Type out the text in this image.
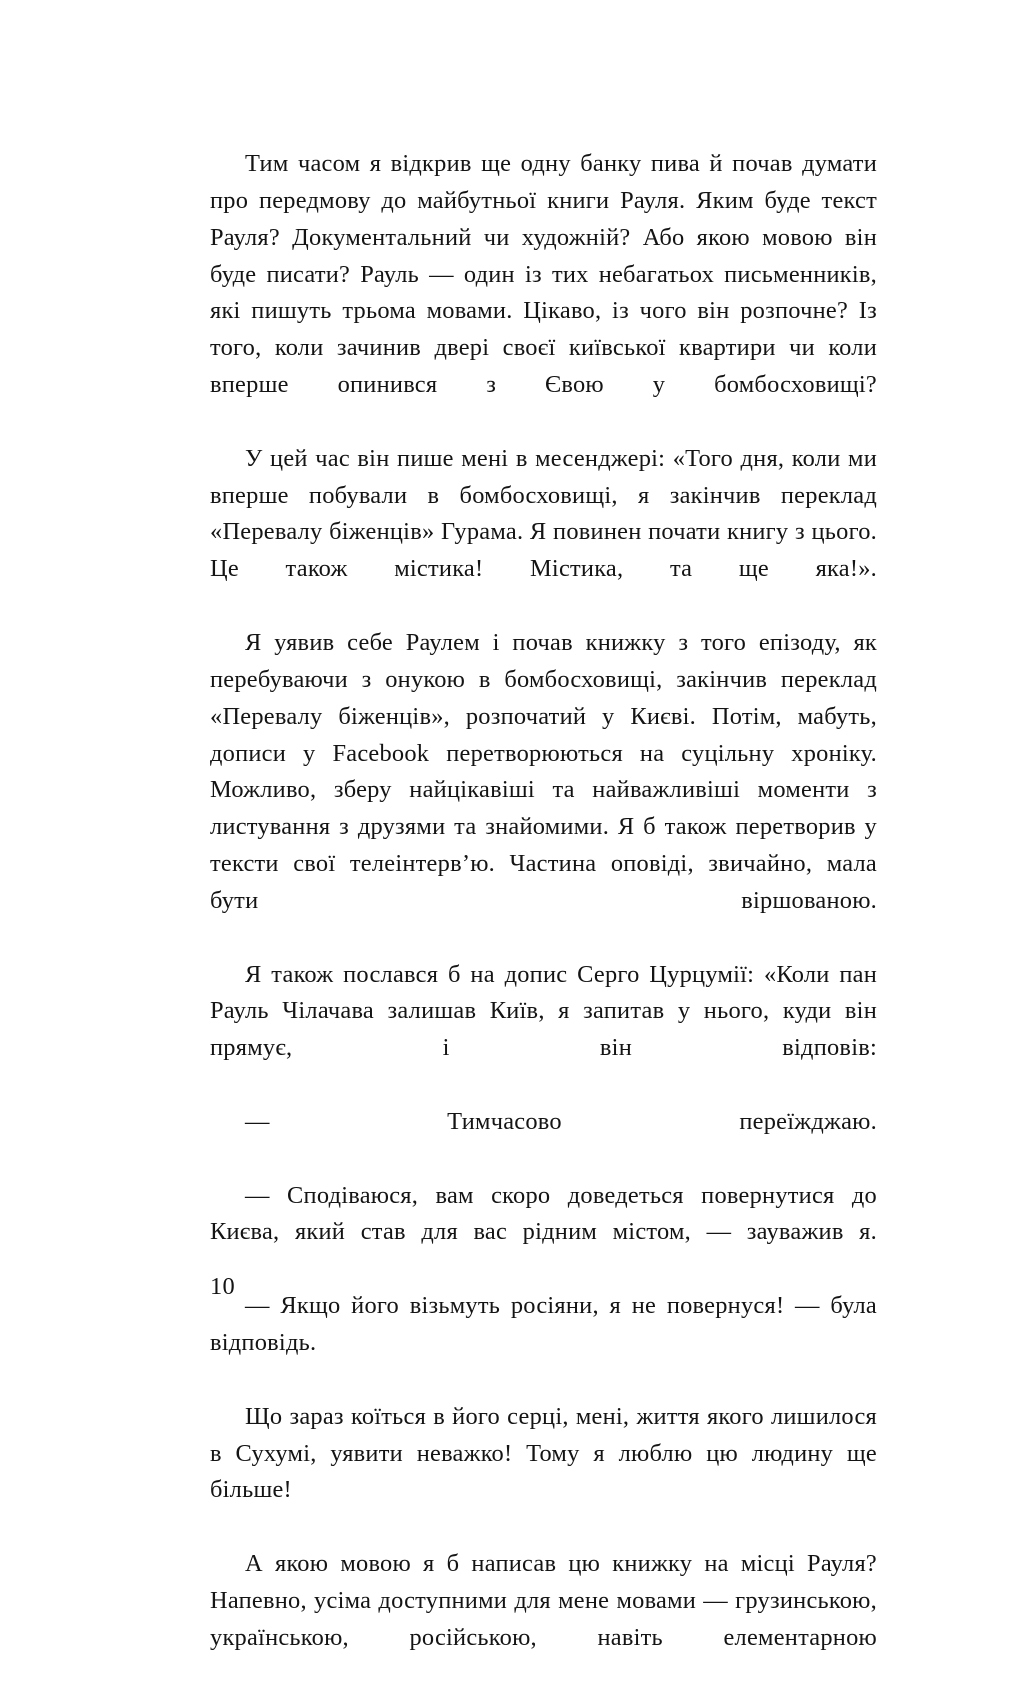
Тим часом я відкрив ще одну банку пива й почав думати про передмову до майбутньої книги Рауля. Яким буде текст Рауля? Документальний чи художній? Або якою мовою він буде писати? Рауль — один із тих небагатьох письменників, які пишуть трьома мовами. Цікаво, із чого він розпочне? Із того, коли зачинив двері своєї київської квартири чи коли вперше опинився з Євою у бомбосховищі?

У цей час він пише мені в месенджері: «Того дня, коли ми вперше побували в бомбосховищі, я закінчив переклад «Перевалу біженців» Гурама. Я повинен почати книгу з цього. Це також містика! Містика, та ще яка!».

Я уявив себе Раулем і почав книжку з того епізоду, як перебуваючи з онукою в бомбосховищі, закінчив переклад «Перевалу біженців», розпочатий у Києві. Потім, мабуть, дописи у Facebook перетворюються на суцільну хроніку. Можливо, зберу найцікавіші та найважливіші моменти з листування з друзями та знайомими. Я б також перетворив у тексти свої телеінтерв’ю. Частина оповіді, звичайно, мала бути віршованою.

Я також послався б на допис Серго Цурцумії: «Коли пан Рауль Чілачава залишав Київ, я запитав у нього, куди він прямує, і він відповів:

— Тимчасово переїжджаю.

— Сподіваюся, вам скоро доведеться повернутися до Києва, який став для вас рідним містом, — зауважив я.

— Якщо його візьмуть росіяни, я не повернуся! — була відповідь.

Що зараз коїться в його серці, мені, життя якого лишилося в Сухумі, уявити неважко! Тому я люблю цю людину ще більше!

А якою мовою я б написав цю книжку на місці Рауля? Напевно, усіма доступними для мене мовами — грузинською, українською, російською, навіть елементарною

10
